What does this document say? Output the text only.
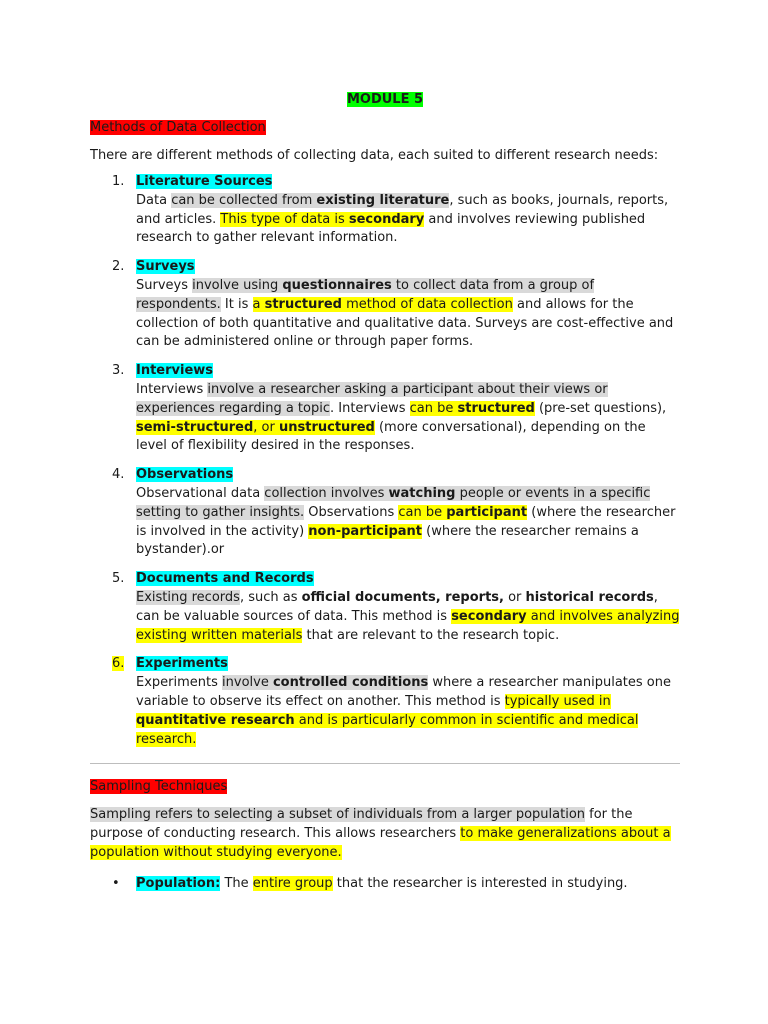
MODULE 5
Methods of Data Collection

There are different methods of collecting data, each suited to different research needs:

1. Literature Sources
Data can be collected from existing literature, such as books, journals, reports, and articles. This type of data is secondary and involves reviewing published research to gather relevant information.
2. Surveys
Surveys involve using questionnaires to collect data from a group of respondents. It is a structured method of data collection and allows for the collection of both quantitative and qualitative data. Surveys are cost-effective and can be administered online or through paper forms.
3. Interviews
Interviews involve a researcher asking a participant about their views or experiences regarding a topic. Interviews can be structured (pre-set questions), semi-structured, or unstructured (more conversational), depending on the level of flexibility desired in the responses.
4. Observations
Observational data collection involves watching people or events in a specific setting to gather insights. Observations can be participant (where the researcher is involved in the activity) non-participant (where the researcher remains a bystander).or
5. Documents and Records
Existing records, such as official documents, reports, or historical records, can be valuable sources of data. This method is secondary and involves analyzing existing written materials that are relevant to the research topic.
6. Experiments
Experiments involve controlled conditions where a researcher manipulates one variable to observe its effect on another. This method is typically used in quantitative research and is particularly common in scientific and medical research.
Sampling Techniques

Sampling refers to selecting a subset of individuals from a larger population for the purpose of conducting research. This allows researchers to make generalizations about a population without studying everyone.

• Population: The entire group that the researcher is interested in studying.
